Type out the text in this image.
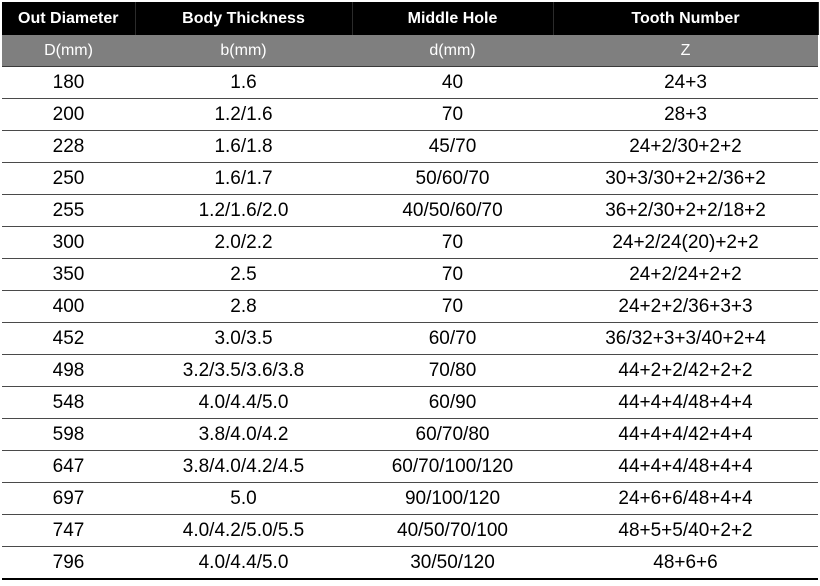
Out Diameter	Body Thickness	Middle Hole	Tooth Number
D(mm)	b(mm)	d(mm)	Z
180	1.6	40	24+3
200	1.2/1.6	70	28+3
228	1.6/1.8	45/70	24+2/30+2+2
250	1.6/1.7	50/60/70	30+3/30+2+2/36+2
255	1.2/1.6/2.0	40/50/60/70	36+2/30+2+2/18+2
300	2.0/2.2	70	24+2/24(20)+2+2
350	2.5	70	24+2/24+2+2
400	2.8	70	24+2+2/36+3+3
452	3.0/3.5	60/70	36/32+3+3/40+2+4
498	3.2/3.5/3.6/3.8	70/80	44+2+2/42+2+2
548	4.0/4.4/5.0	60/90	44+4+4/48+4+4
598	3.8/4.0/4.2	60/70/80	44+4+4/42+4+4
647	3.8/4.0/4.2/4.5	60/70/100/120	44+4+4/48+4+4
697	5.0	90/100/120	24+6+6/48+4+4
747	4.0/4.2/5.0/5.5	40/50/70/100	48+5+5/40+2+2
796	4.0/4.4/5.0	30/50/120	48+6+6
